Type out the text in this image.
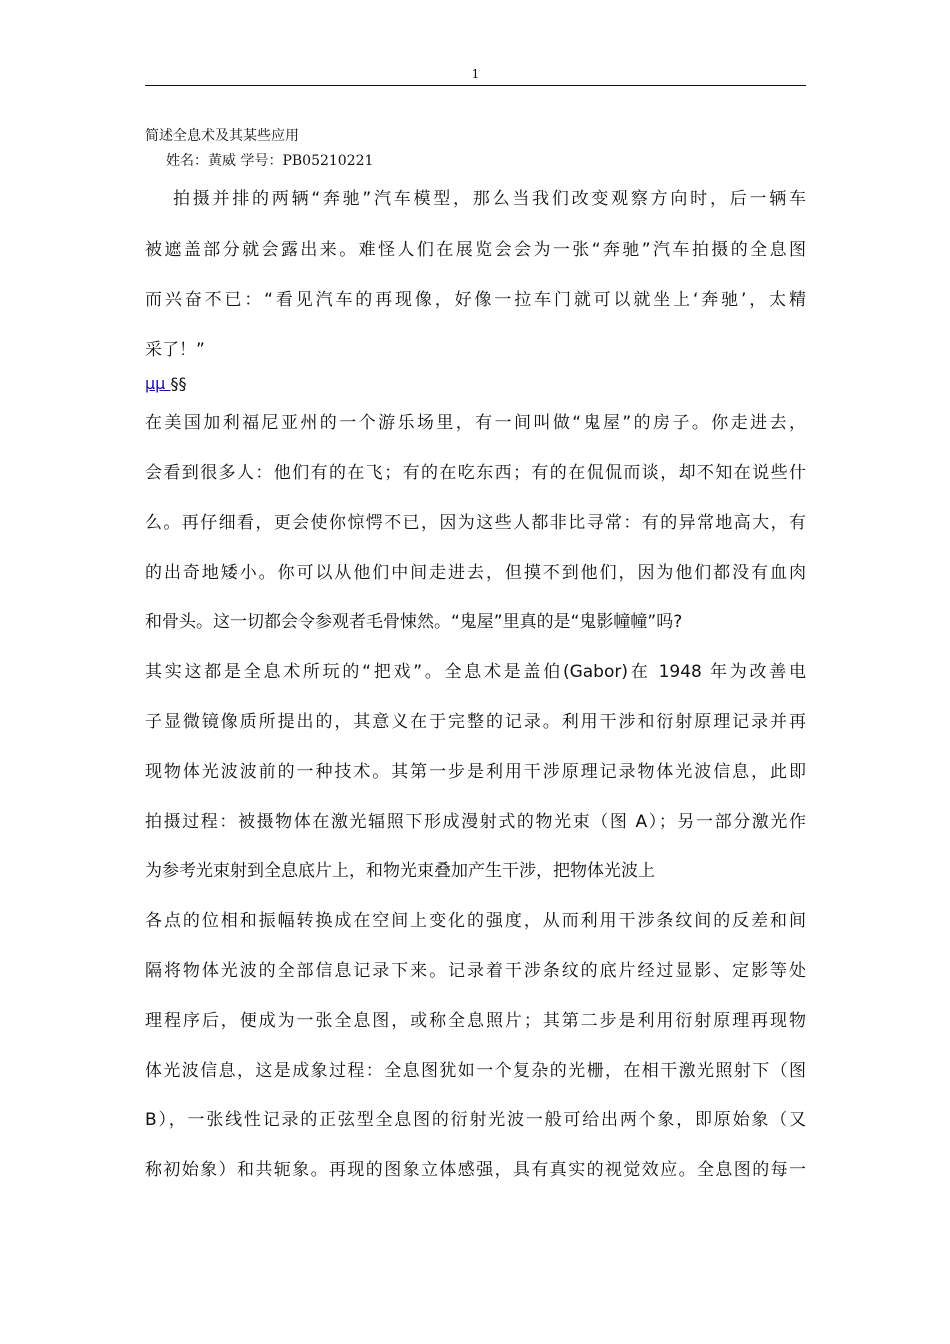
1
简述全息术及其某些应用
姓名：黄威 学号：PB05210221
拍摄并排的两辆“奔驰”汽车模型，那么当我们改变观察方向时，后一辆车
被遮盖部分就会露出来。难怪人们在展览会会为一张“奔驰”汽车拍摄的全息图
而兴奋不已：“看见汽车的再现像，好像一拉车门就可以就坐上‘奔驰’，太精
采了！”
μμ §§
在美国加利福尼亚州的一个游乐场里，有一间叫做“鬼屋”的房子。你走进去，
会看到很多人：他们有的在飞；有的在吃东西；有的在侃侃而谈，却不知在说些什
么。再仔细看，更会使你惊愕不已，因为这些人都非比寻常：有的异常地高大，有
的出奇地矮小。你可以从他们中间走进去，但摸不到他们，因为他们都没有血肉
和骨头。这一切都会令参观者毛骨悚然。“鬼屋”里真的是“鬼影幢幢”吗?
其实这都是全息术所玩的“把戏”。全息术是盖伯(Gabor)在 1948 年为改善电
子显微镜像质所提出的，其意义在于完整的记录。利用干涉和衍射原理记录并再
现物体光波波前的一种技术。其第一步是利用干涉原理记录物体光波信息，此即
拍摄过程：被摄物体在激光辐照下形成漫射式的物光束（图 A）；另一部分激光作
为参考光束射到全息底片上，和物光束叠加产生干涉，把物体光波上
各点的位相和振幅转换成在空间上变化的强度，从而利用干涉条纹间的反差和间
隔将物体光波的全部信息记录下来。记录着干涉条纹的底片经过显影、定影等处
理程序后，便成为一张全息图，或称全息照片；其第二步是利用衍射原理再现物
体光波信息，这是成象过程：全息图犹如一个复杂的光栅，在相干激光照射下（图
B），一张线性记录的正弦型全息图的衍射光波一般可给出两个象，即原始象（又
称初始象）和共轭象。再现的图象立体感强，具有真实的视觉效应。全息图的每一
